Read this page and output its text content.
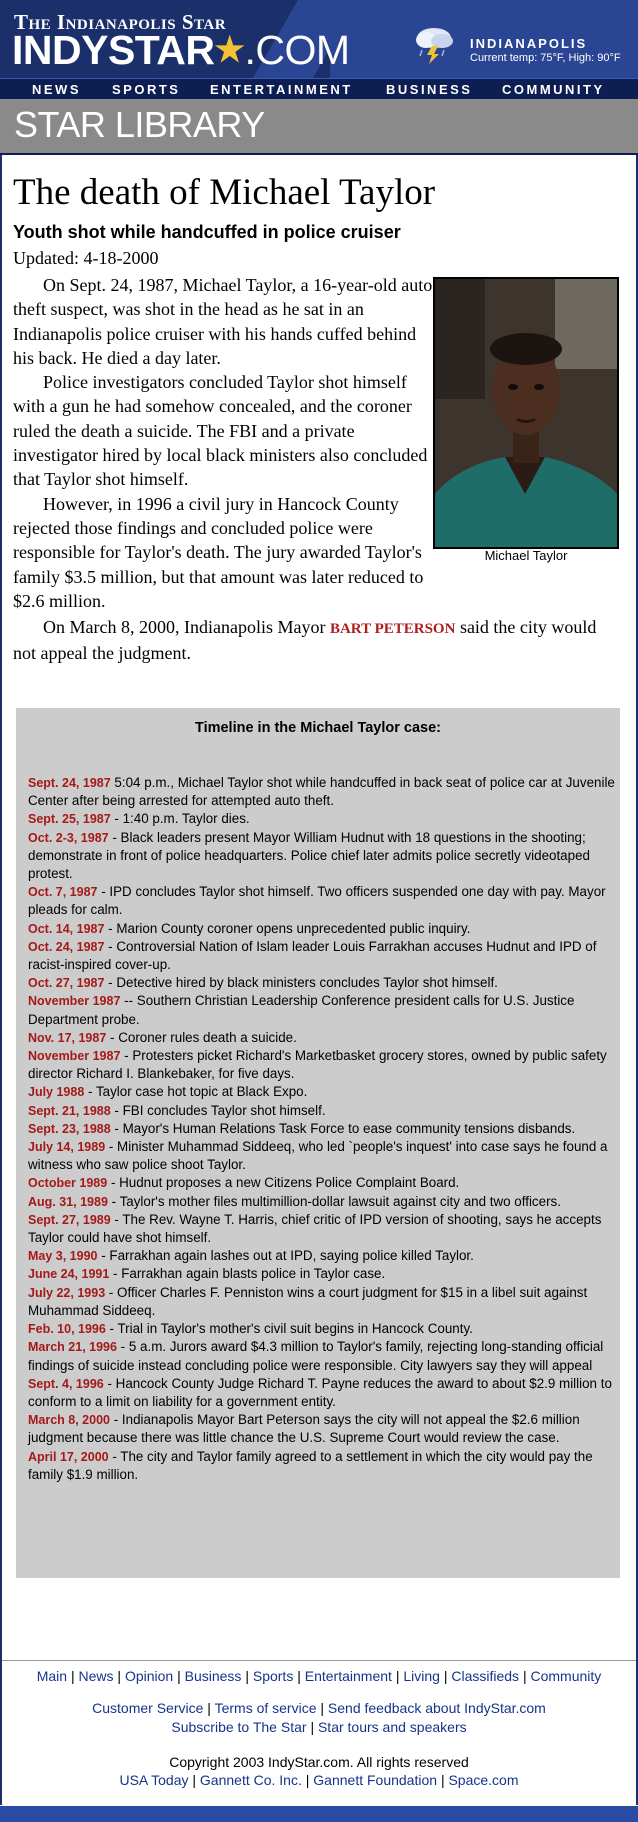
The Indianapolis Star
INDYSTAR★.COM	INDIANAPOLIS
Current temp: 75°F, High: 90°F
NEWS SPORTS ENTERTAINMENT	BUSINESS COMMUNITY
STAR LIBRARY
The death of Michael Taylor
Youth shot while handcuffed in police cruiser
Updated: 4-18-2000

On Sept. 24, 1987, Michael Taylor, a 16-year-old auto theft suspect, was shot in the head as he sat in an Indianapolis police cruiser with his hands cuffed behind his back. He died a day later.

Police investigators concluded Taylor shot himself with a gun he had somehow concealed, and the coroner ruled the death a suicide. The FBI and a private investigator hired by local black ministers also concluded that Taylor shot himself.

However, in 1996 a civil jury in Hancock County rejected those findings and concluded police were responsible for Taylor's death. The jury awarded Taylor's family $3.5 million, but that amount was later reduced to $2.6 million.

Michael Taylor

On March 8, 2000, Indianapolis Mayor BART PETERSON said the city would not appeal the judgment.

Timeline in the Michael Taylor case:

Sept. 24, 1987 5:04 p.m., Michael Taylor shot while handcuffed in back seat of police car at Juvenile Center after being arrested for attempted auto theft.

Sept. 25, 1987 - 1:40 p.m. Taylor dies.

Oct. 2-3, 1987 - Black leaders present Mayor William Hudnut with 18 questions in the shooting; demonstrate in front of police headquarters. Police chief later admits police secretly videotaped protest.

Oct. 7, 1987 - IPD concludes Taylor shot himself. Two officers suspended one day with pay. Mayor pleads for calm.

Oct. 14, 1987 - Marion County coroner opens unprecedented public inquiry.

Oct. 24, 1987 - Controversial Nation of Islam leader Louis Farrakhan accuses Hudnut and IPD of racist-inspired cover-up.

Oct. 27, 1987 - Detective hired by black ministers concludes Taylor shot himself.

November 1987 -- Southern Christian Leadership Conference president calls for U.S. Justice Department probe.

Nov. 17, 1987 - Coroner rules death a suicide.

November 1987 - Protesters picket Richard's Marketbasket grocery stores, owned by public safety director Richard I. Blankebaker, for five days.

July 1988 - Taylor case hot topic at Black Expo.

Sept. 21, 1988 - FBI concludes Taylor shot himself.

Sept. 23, 1988 - Mayor's Human Relations Task Force to ease community tensions disbands.

July 14, 1989 - Minister Muhammad Siddeeq, who led `people's inquest' into case says he found a witness who saw police shoot Taylor.

October 1989 - Hudnut proposes a new Citizens Police Complaint Board.

Aug. 31, 1989 - Taylor's mother files multimillion-dollar lawsuit against city and two officers.

Sept. 27, 1989 - The Rev. Wayne T. Harris, chief critic of IPD version of shooting, says he accepts Taylor could have shot himself.

May 3, 1990 - Farrakhan again lashes out at IPD, saying police killed Taylor.

June 24, 1991 - Farrakhan again blasts police in Taylor case.

July 22, 1993 - Officer Charles F. Penniston wins a court judgment for $15 in a libel suit against Muhammad Siddeeq.

Feb. 10, 1996 - Trial in Taylor's mother's civil suit begins in Hancock County.

March 21, 1996 - 5 a.m. Jurors award $4.3 million to Taylor's family, rejecting long-standing official findings of suicide instead concluding police were responsible. City lawyers say they will appeal

Sept. 4, 1996 - Hancock County Judge Richard T. Payne reduces the award to about $2.9 million to conform to a limit on liability for a government entity.

March 8, 2000 - Indianapolis Mayor Bart Peterson says the city will not appeal the $2.6 million judgment because there was little chance the U.S. Supreme Court would review the case.

April 17, 2000 - The city and Taylor family agreed to a settlement in which the city would pay the family $1.9 million.

Main | News | Opinion | Business | Sports | Entertainment | Living | Classifieds | Community
Customer Service | Terms of service | Send feedback about IndyStar.com
Subscribe to The Star | Star tours and speakers
Copyright 2003 IndyStar.com. All rights reserved
USA Today | Gannett Co. Inc. | Gannett Foundation | Space.com
